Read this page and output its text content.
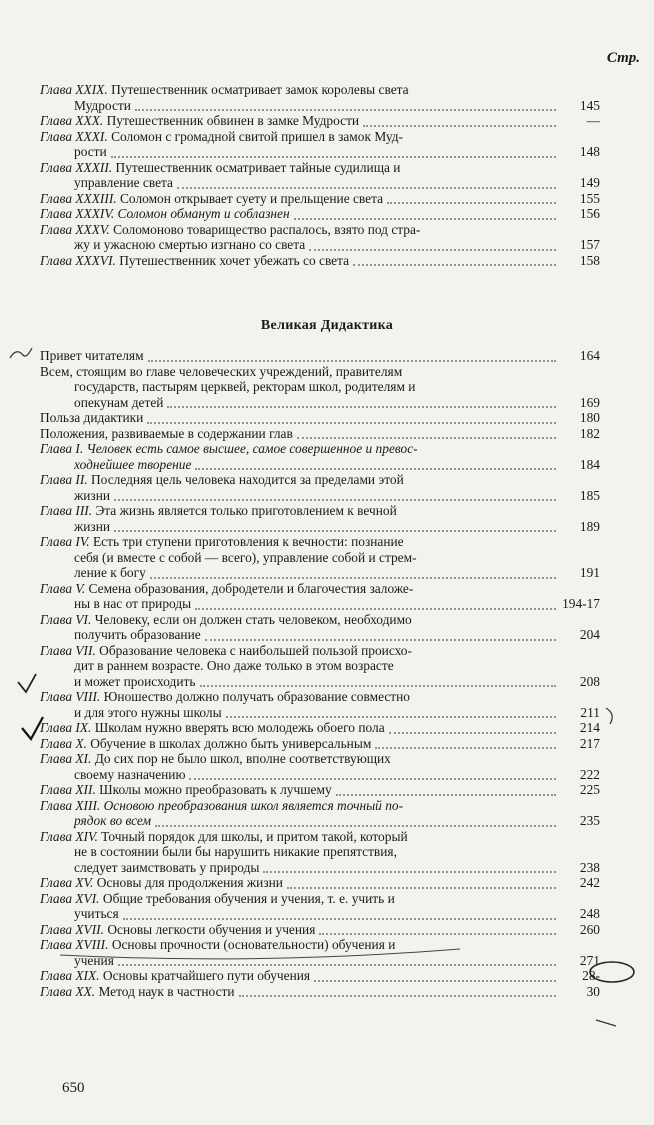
Стр.
Глава XXIX. Путешественник осматривает замок королевы света
Мудрости	145
Глава XXX. Путешественник обвинен в замке Мудрости	—
Глава XXXI. Соломон с громадной свитой пришел в замок Муд-
рости	148
Глава XXXII. Путешественник осматривает тайные судилища и
управление света	149
Глава XXXIII. Соломон открывает суету и прельщение света	155
Глава XXXIV. Соломон обманут и соблазнен	156
Глава XXXV. Соломоново товарищество распалось, взято под стра-
жу и ужасною смертью изгнано со света	157
Глава XXXVI. Путешественник хочет убежать со света	158
Великая Дидактика
Привет читателям	164
Всем, стоящим во главе человеческих учреждений, правителям
государств, пастырям церквей, ректорам школ, родителям и
опекунам детей	169
Польза дидактики	180
Положения, развиваемые в содержании глав	182
Глава I. Человек есть самое высшее, самое совершенное и превос-
ходнейшее творение	184
Глава II. Последняя цель человека находится за пределами этой
жизни	185
Глава III. Эта жизнь является только приготовлением к вечной
жизни	189
Глава IV. Есть три ступени приготовления к вечности: познание
себя (и вместе с собой — всего), управление собой и стрем-
ление к богу	191
Глава V. Семена образования, добродетели и благочестия заложе-
ны в нас от природы	194-17
Глава VI. Человеку, если он должен стать человеком, необходимо
получить образование	204
Глава VII. Образование человека с наибольшей пользой происхо-
дит в раннем возрасте. Оно даже только в этом возрасте
и может происходить	208
Глава VIII. Юношество должно получать образование совместно
и для этого нужны школы	211
Глава IX. Школам нужно вверять всю молодежь обоего пола	214
Глава X. Обучение в школах должно быть универсальным	217
Глава XI. До сих пор не было школ, вполне соответствующих
своему назначению	222
Глава XII. Школы можно преобразовать к лучшему	225
Глава XIII. Основою преобразования школ является точный по-
рядок во всем	235
Глава XIV. Точный порядок для школы, и притом такой, который
не в состоянии были бы нарушить никакие препятствия,
следует заимствовать у природы	238
Глава XV. Основы для продолжения жизни	242
Глава XVI. Общие требования обучения и учения, т. е. учить и
учиться	248
Глава XVII. Основы легкости обучения и учения	260
Глава XVIII. Основы прочности (основательности) обучения и
учения	271
Глава XIX. Основы кратчайшего пути обучения	28-
Глава XX. Метод наук в частности	30
650
